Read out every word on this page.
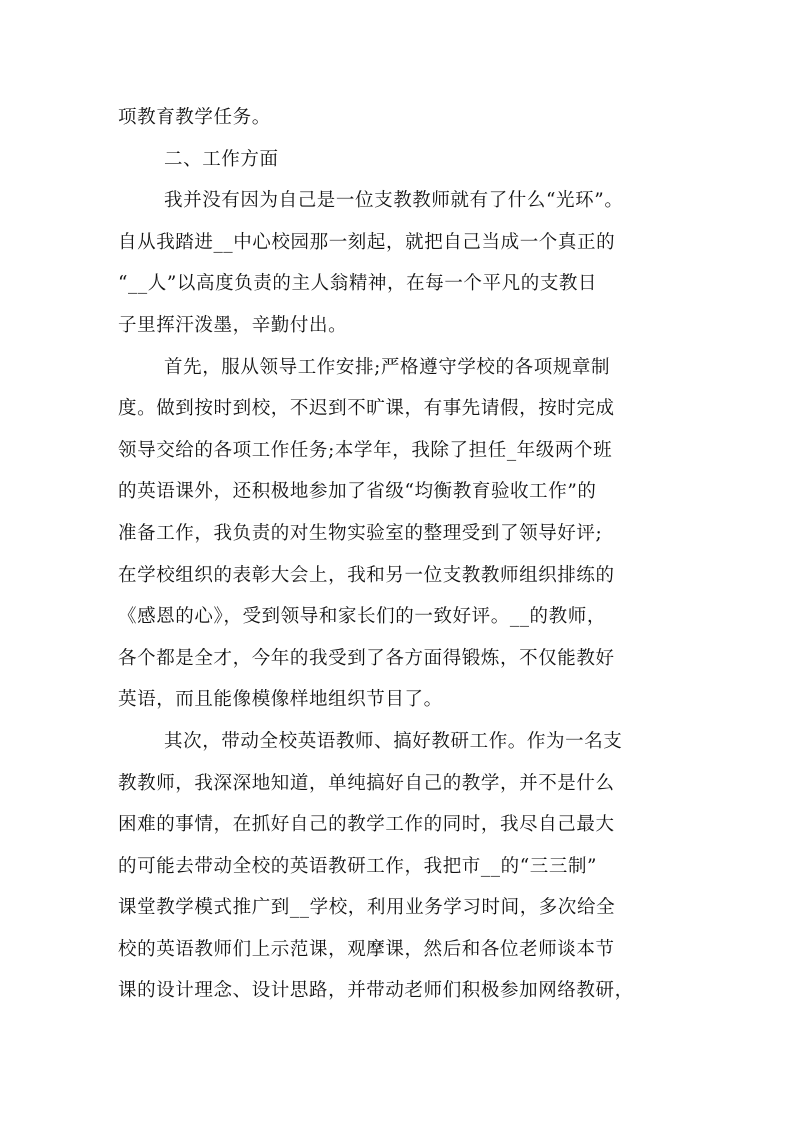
项教育教学任务。
二、工作方面
我并没有因为自己是一位支教教师就有了什么“光环”。
自从我踏进__中心校园那一刻起，就把自己当成一个真正的
“__人”以高度负责的主人翁精神，在每一个平凡的支教日
子里挥汗泼墨，辛勤付出。
首先，服从领导工作安排;严格遵守学校的各项规章制
度。做到按时到校，不迟到不旷课，有事先请假，按时完成
领导交给的各项工作任务;本学年，我除了担任_年级两个班
的英语课外，还积极地参加了省级“均衡教育验收工作”的
准备工作，我负责的对生物实验室的整理受到了领导好评;
在学校组织的表彰大会上，我和另一位支教教师组织排练的
《感恩的心》，受到领导和家长们的一致好评。__的教师，
各个都是全才，今年的我受到了各方面得锻炼，不仅能教好
英语，而且能像模像样地组织节目了。
其次，带动全校英语教师、搞好教研工作。作为一名支
教教师，我深深地知道，单纯搞好自己的教学，并不是什么
困难的事情，在抓好自己的教学工作的同时，我尽自己最大
的可能去带动全校的英语教研工作，我把市__的“三三制”
课堂教学模式推广到__学校，利用业务学习时间，多次给全
校的英语教师们上示范课，观摩课，然后和各位老师谈本节
课的设计理念、设计思路，并带动老师们积极参加网络教研，
